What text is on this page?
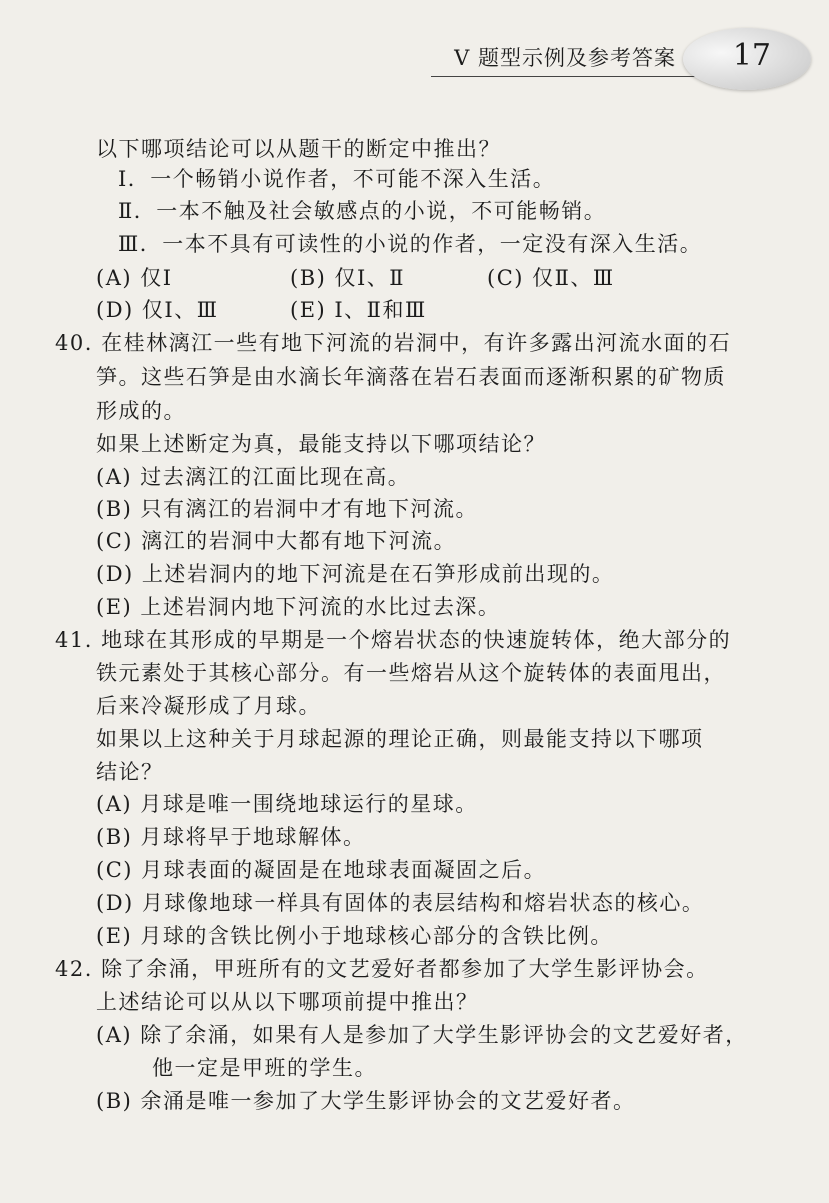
V 题型示例及参考答案 17
以下哪项结论可以从题干的断定中推出？
Ⅰ．一个畅销小说作者，不可能不深入生活。
Ⅱ．一本不触及社会敏感点的小说，不可能畅销。
Ⅲ．一本不具有可读性的小说的作者，一定没有深入生活。
(A) 仅Ⅰ	(B) 仅Ⅰ、Ⅱ	(C) 仅Ⅱ、Ⅲ
(D) 仅Ⅰ、Ⅲ	(E) Ⅰ、Ⅱ和Ⅲ
40. 在桂林漓江一些有地下河流的岩洞中，有许多露出河流水面的石
笋。这些石笋是由水滴长年滴落在岩石表面而逐渐积累的矿物质
形成的。
如果上述断定为真，最能支持以下哪项结论？
(A) 过去漓江的江面比现在高。
(B) 只有漓江的岩洞中才有地下河流。
(C) 漓江的岩洞中大都有地下河流。
(D) 上述岩洞内的地下河流是在石笋形成前出现的。
(E) 上述岩洞内地下河流的水比过去深。
41. 地球在其形成的早期是一个熔岩状态的快速旋转体，绝大部分的
铁元素处于其核心部分。有一些熔岩从这个旋转体的表面甩出，
后来冷凝形成了月球。
如果以上这种关于月球起源的理论正确，则最能支持以下哪项
结论？
(A) 月球是唯一围绕地球运行的星球。
(B) 月球将早于地球解体。
(C) 月球表面的凝固是在地球表面凝固之后。
(D) 月球像地球一样具有固体的表层结构和熔岩状态的核心。
(E) 月球的含铁比例小于地球核心部分的含铁比例。
42. 除了余涌，甲班所有的文艺爱好者都参加了大学生影评协会。
上述结论可以从以下哪项前提中推出？
(A) 除了余涌，如果有人是参加了大学生影评协会的文艺爱好者，
他一定是甲班的学生。
(B) 余涌是唯一参加了大学生影评协会的文艺爱好者。
